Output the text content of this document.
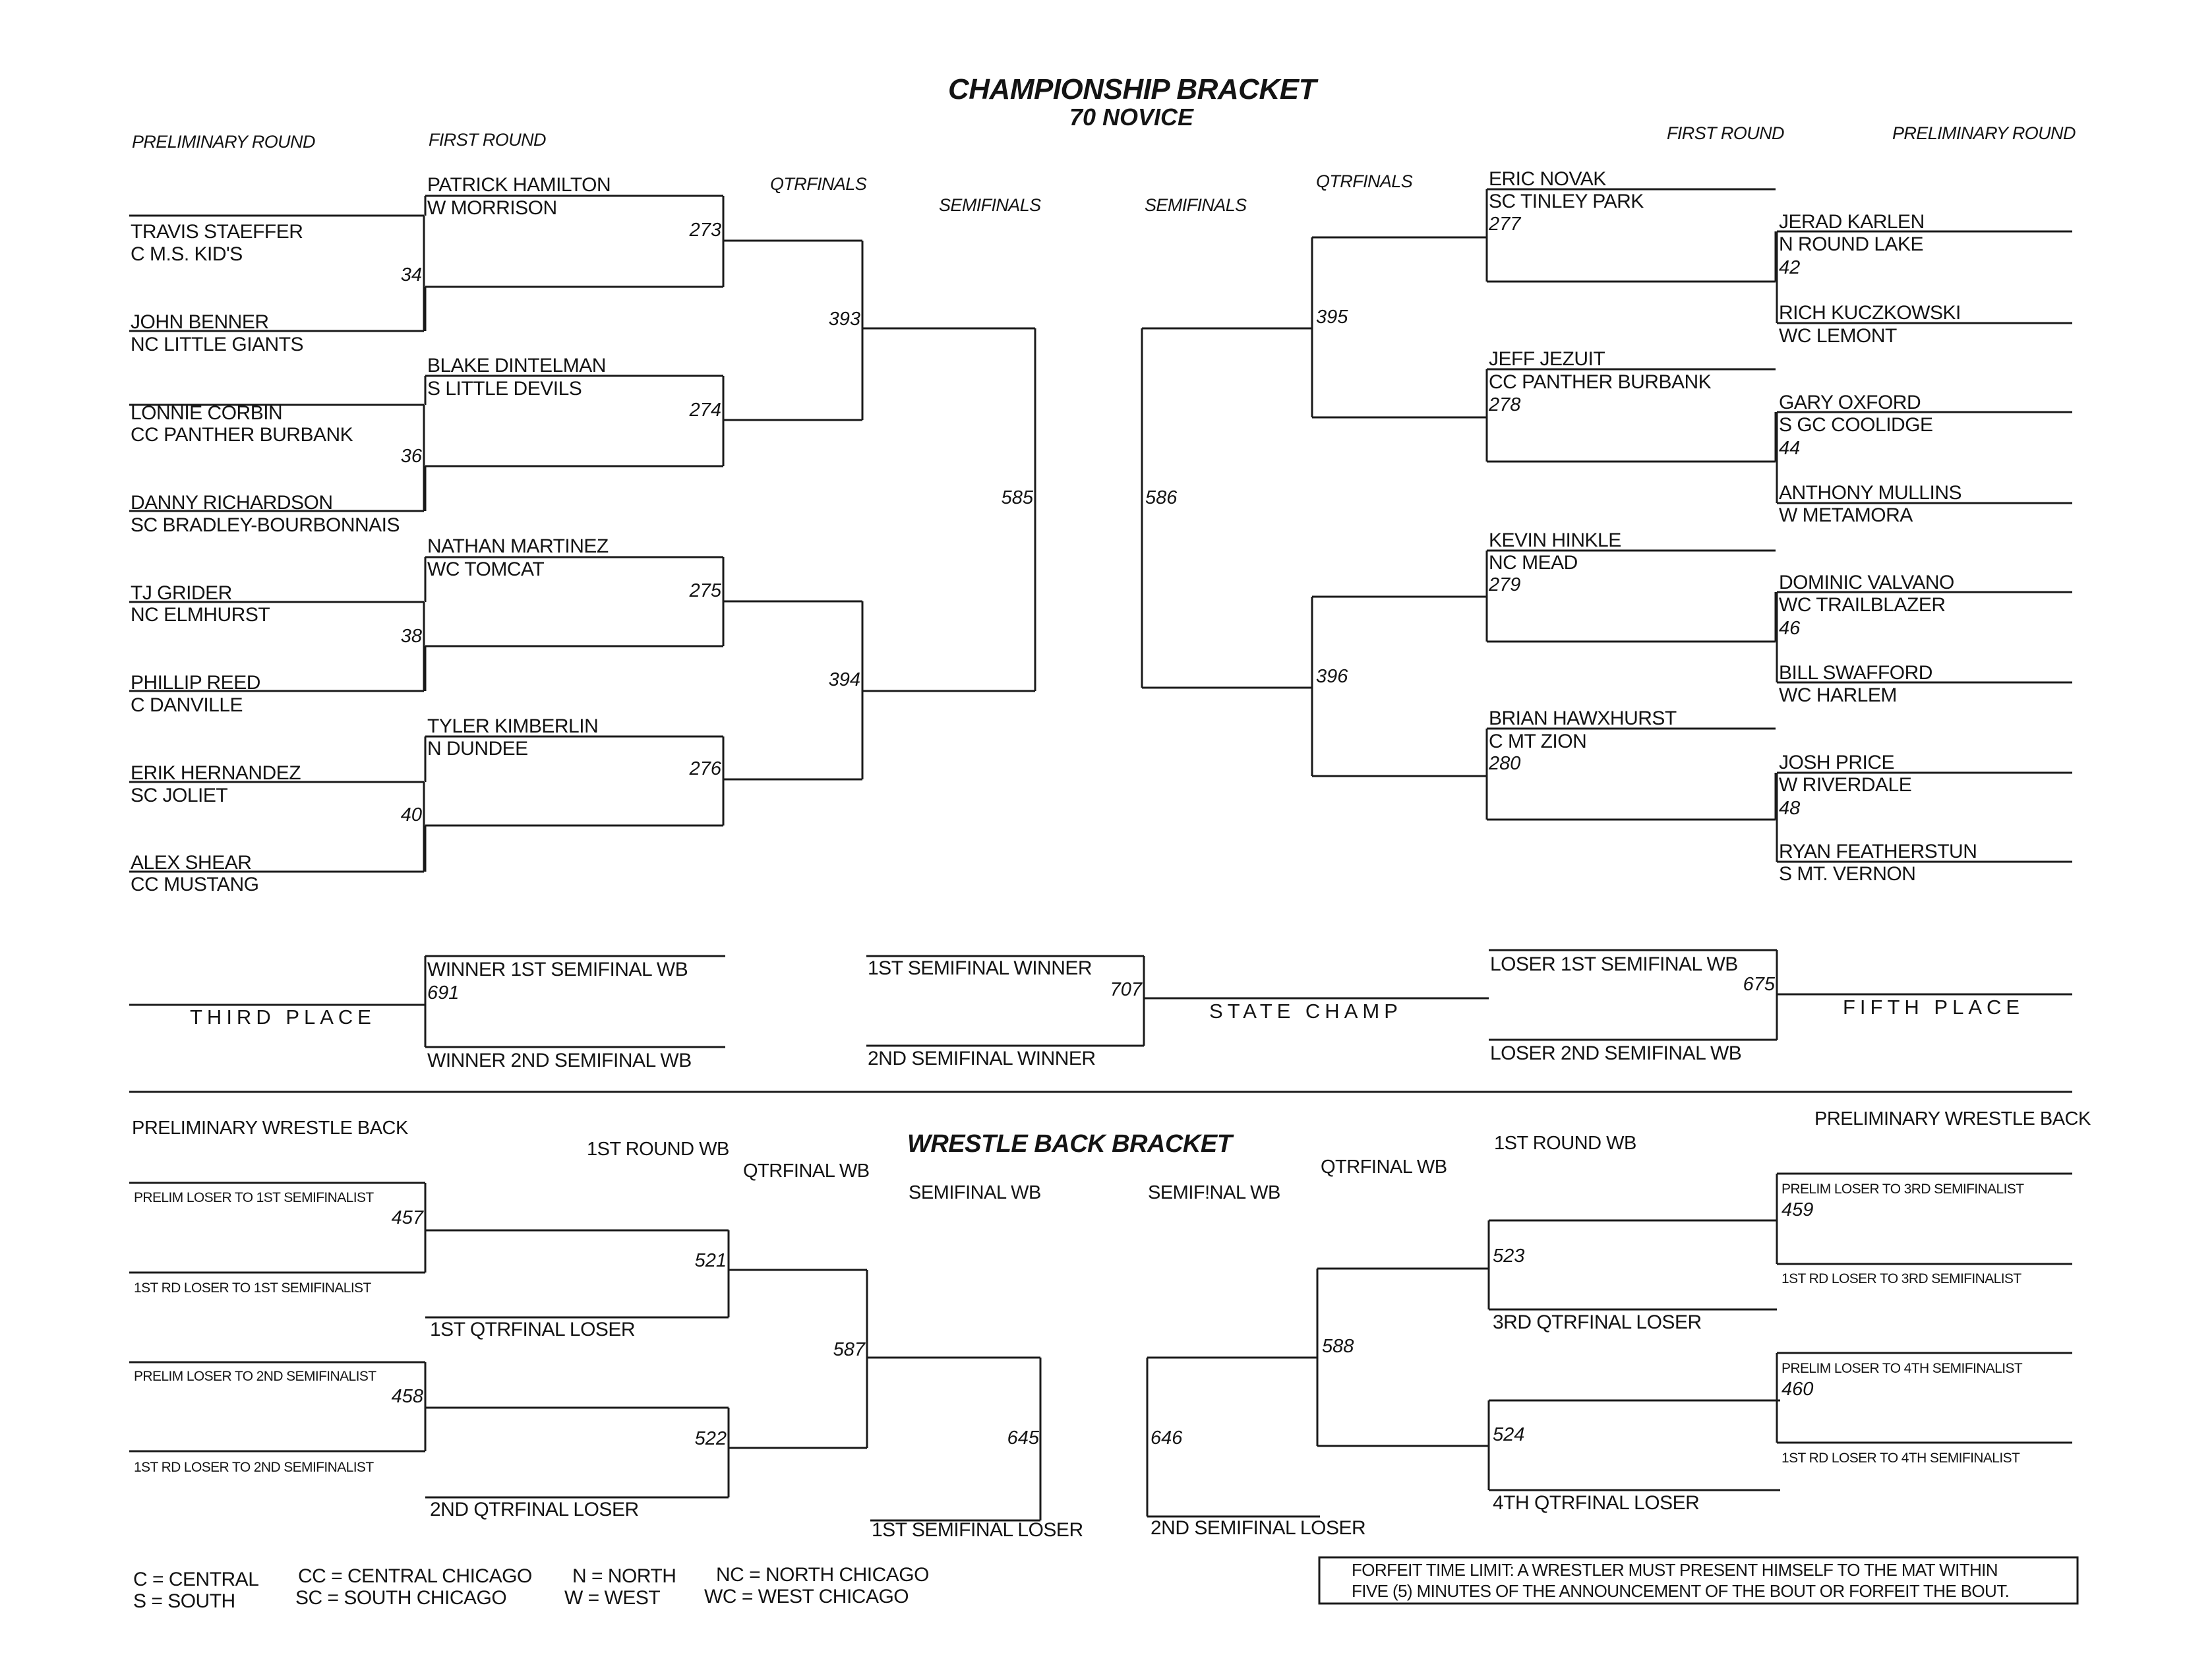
CHAMPIONSHIP BRACKET
70 NOVICE
PRELIMINARY ROUND	FIRST ROUND
QTRFINALS
SEMIFINALS	SEMIFINALS
QTRFINALS
FIRST ROUND	PRELIMINARY ROUND
TRAVIS STAEFFER
C M.S. KID'S
34
JOHN BENNER
NC LITTLE GIANTS
LONNIE CORBIN
CC PANTHER BURBANK
36
DANNY RICHARDSON
SC BRADLEY-BOURBONNAIS
TJ GRIDER
NC ELMHURST
38
PHILLIP REED
C DANVILLE
ERIK HERNANDEZ
SC JOLIET
40
ALEX SHEAR
CC MUSTANG
PATRICK HAMILTON
W MORRISON
273
BLAKE DINTELMAN
S LITTLE DEVILS
274
NATHAN MARTINEZ
WC TOMCAT
275
TYLER KIMBERLIN
N DUNDEE
276
393
394
585
JERAD KARLEN
N ROUND LAKE
42
RICH KUCZKOWSKI
WC LEMONT
GARY OXFORD
S GC COOLIDGE
44
ANTHONY MULLINS
W METAMORA
DOMINIC VALVANO
WC TRAILBLAZER
46
BILL SWAFFORD
WC HARLEM
JOSH PRICE
W RIVERDALE
48
RYAN FEATHERSTUN
S MT. VERNON
ERIC NOVAK
SC TINLEY PARK
277
JEFF JEZUIT
CC PANTHER BURBANK
278
KEVIN HINKLE
NC MEAD
279
BRIAN HAWXHURST
C MT ZION
280
395
396
586
THIRD PLACE
WINNER 1ST SEMIFINAL WB
691
WINNER 2ND SEMIFINAL WB
1ST SEMIFINAL WINNER
707
2ND SEMIFINAL WINNER
STATE CHAMP
LOSER 1ST SEMIFINAL WB
675
LOSER 2ND SEMIFINAL WB
FIFTH PLACE
WRESTLE BACK BRACKET
PRELIMINARY WRESTLE BACK
1ST ROUND WB
QTRFINAL WB
SEMIFINAL WB	SEMIF!NAL WB
QTRFINAL WB
1ST ROUND WB
PRELIMINARY WRESTLE BACK
PRELIM LOSER TO 1ST SEMIFINALIST
457
1ST RD LOSER TO 1ST SEMIFINALIST
521
1ST QTRFINAL LOSER
PRELIM LOSER TO 2ND SEMIFINALIST
458
1ST RD LOSER TO 2ND SEMIFINALIST
522
2ND QTRFINAL LOSER
587
645
1ST SEMIFINAL LOSER
PRELIM LOSER TO 3RD SEMIFINALIST
459
1ST RD LOSER TO 3RD SEMIFINALIST
523
3RD QTRFINAL LOSER
PRELIM LOSER TO 4TH SEMIFINALIST
460
1ST RD LOSER TO 4TH SEMIFINALIST
524
4TH QTRFINAL LOSER
588
646
2ND SEMIFINAL LOSER
C = CENTRAL
S = SOUTH
CC = CENTRAL CHICAGO
SC = SOUTH CHICAGO
N = NORTH
W = WEST
NC = NORTH CHICAGO
WC = WEST CHICAGO
FORFEIT TIME LIMIT: A WRESTLER MUST PRESENT HIMSELF TO THE MAT WITHIN
FIVE (5) MINUTES OF THE ANNOUNCEMENT OF THE BOUT OR FORFEIT THE BOUT.
